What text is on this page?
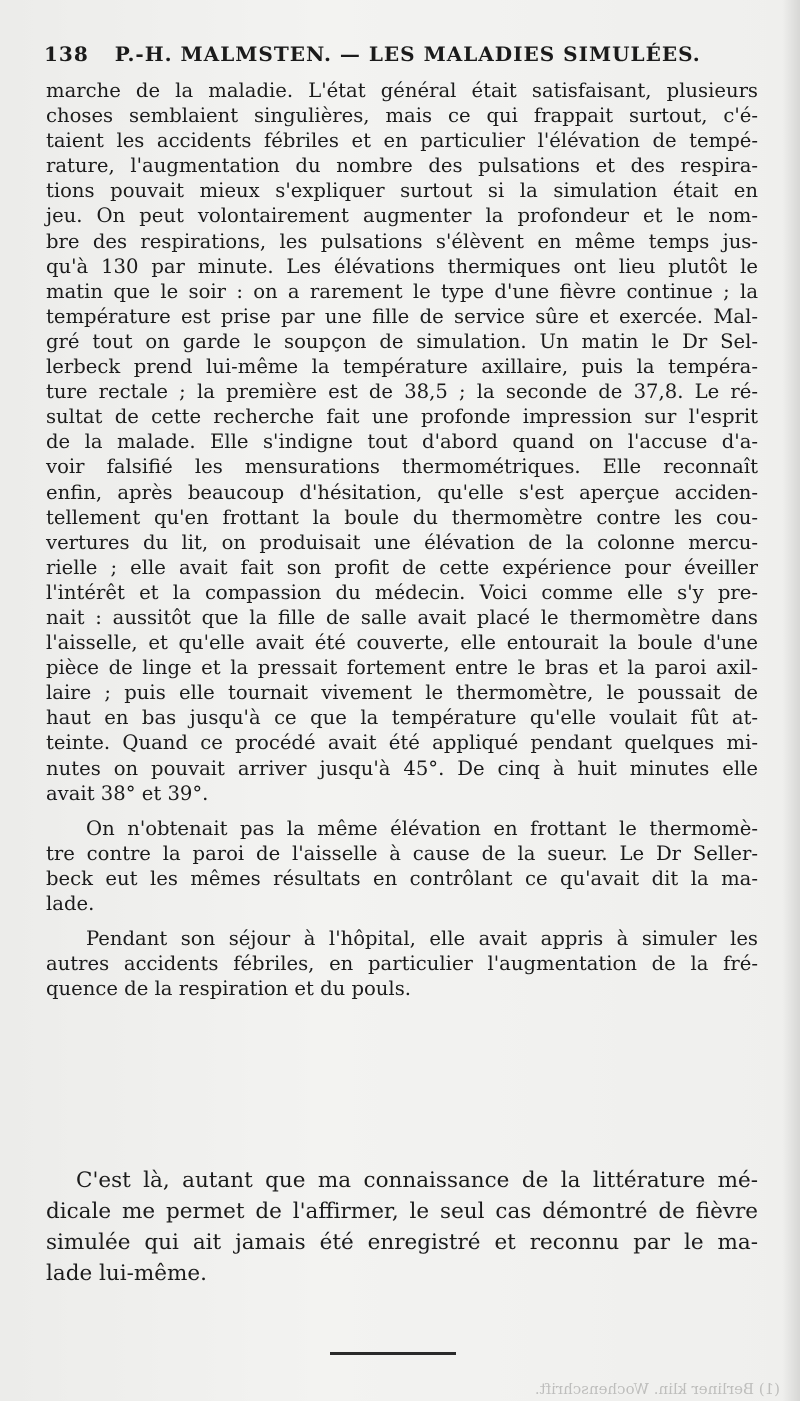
138 P.-H. MALMSTEN. — LES MALADIES SIMULÉES.

marche de la maladie. L'état général était satisfaisant, plusieurs
choses semblaient singulières, mais ce qui frappait surtout, c'é-
taient les accidents fébriles et en particulier l'élévation de tempé-
rature, l'augmentation du nombre des pulsations et des respira-
tions pouvait mieux s'expliquer surtout si la simulation était en
jeu. On peut volontairement augmenter la profondeur et le nom-
bre des respirations, les pulsations s'élèvent en même temps jus-
qu'à 130 par minute. Les élévations thermiques ont lieu plutôt le
matin que le soir : on a rarement le type d'une fièvre continue ; la
température est prise par une fille de service sûre et exercée. Mal-
gré tout on garde le soupçon de simulation. Un matin le Dr Sel-
lerbeck prend lui-même la température axillaire, puis la tempéra-
ture rectale ; la première est de 38,5 ; la seconde de 37,8. Le ré-
sultat de cette recherche fait une profonde impression sur l'esprit
de la malade. Elle s'indigne tout d'abord quand on l'accuse d'a-
voir falsifié les mensurations thermométriques. Elle reconnaît
enfin, après beaucoup d'hésitation, qu'elle s'est aperçue acciden-
tellement qu'en frottant la boule du thermomètre contre les cou-
vertures du lit, on produisait une élévation de la colonne mercu-
rielle ; elle avait fait son profit de cette expérience pour éveiller
l'intérêt et la compassion du médecin. Voici comme elle s'y pre-
nait : aussitôt que la fille de salle avait placé le thermomètre dans
l'aisselle, et qu'elle avait été couverte, elle entourait la boule d'une
pièce de linge et la pressait fortement entre le bras et la paroi axil-
laire ; puis elle tournait vivement le thermomètre, le poussait de
haut en bas jusqu'à ce que la température qu'elle voulait fût at-
teinte. Quand ce procédé avait été appliqué pendant quelques mi-
nutes on pouvait arriver jusqu'à 45°. De cinq à huit minutes elle
avait 38° et 39°.

On n'obtenait pas la même élévation en frottant le thermomè-
tre contre la paroi de l'aisselle à cause de la sueur. Le Dr Seller-
beck eut les mêmes résultats en contrôlant ce qu'avait dit la ma-
lade.

Pendant son séjour à l'hôpital, elle avait appris à simuler les
autres accidents fébriles, en particulier l'augmentation de la fré-
quence de la respiration et du pouls.

C'est là, autant que ma connaissance de la littérature mé-
dicale me permet de l'affirmer, le seul cas démontré de fièvre
simulée qui ait jamais été enregistré et reconnu par le ma-
lade lui-même.
(1) Berliner klin. Wochenschrift.
